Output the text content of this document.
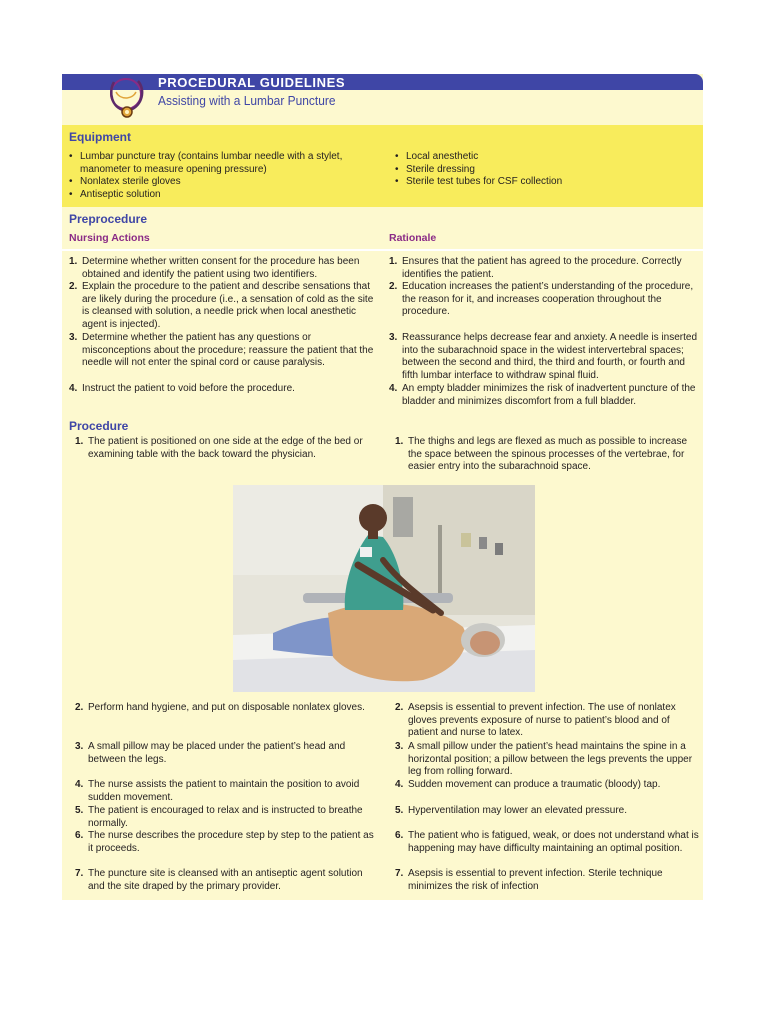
PROCEDURAL GUIDELINES
Assisting with a Lumbar Puncture
Equipment
• Lumbar puncture tray (contains lumbar needle with a stylet, manometer to measure opening pressure)
• Nonlatex sterile gloves
• Antiseptic solution
• Local anesthetic
• Sterile dressing
• Sterile test tubes for CSF collection
Preprocedure
Nursing Actions	Rationale
1. Determine whether written consent for the procedure has been obtained and identify the patient using two identifiers.
2. Explain the procedure to the patient and describe sensations that are likely during the procedure (i.e., a sensation of cold as the site is cleansed with solution, a needle prick when local anesthetic agent is injected).
3. Determine whether the patient has any questions or misconceptions about the procedure; reassure the patient that the needle will not enter the spinal cord or cause paralysis.
4. Instruct the patient to void before the procedure.
1. Ensures that the patient has agreed to the procedure. Correctly identifies the patient.
2. Education increases the patient’s understanding of the procedure, the reason for it, and increases cooperation throughout the procedure.
3. Reassurance helps decrease fear and anxiety. A needle is inserted into the subarachnoid space in the widest intervertebral spaces; between the second and third, the third and fourth, or fourth and fifth lumbar interface to withdraw spinal fluid.
4. An empty bladder minimizes the risk of inadvertent puncture of the bladder and minimizes discomfort from a full bladder.
Procedure
1. The patient is positioned on one side at the edge of the bed or examining table with the back toward the physician.
1. The thighs and legs are flexed as much as possible to increase the space between the spinous processes of the vertebrae, for easier entry into the subarachnoid space.
2. Perform hand hygiene, and put on disposable nonlatex gloves.
3. A small pillow may be placed under the patient’s head and between the legs.
4. The nurse assists the patient to maintain the position to avoid sudden movement.
5. The patient is encouraged to relax and is instructed to breathe normally.
6. The nurse describes the procedure step by step to the patient as it proceeds.
7. The puncture site is cleansed with an antiseptic agent solution and the site draped by the primary provider.
2. Asepsis is essential to prevent infection. The use of nonlatex gloves prevents exposure of nurse to patient’s blood and of patient and nurse to latex.
3. A small pillow under the patient’s head maintains the spine in a horizontal position; a pillow between the legs prevents the upper leg from rolling forward.
4. Sudden movement can produce a traumatic (bloody) tap.
5. Hyperventilation may lower an elevated pressure.
6. The patient who is fatigued, weak, or does not understand what is happening may have difficulty maintaining an optimal position.
7. Asepsis is essential to prevent infection. Sterile technique minimizes the risk of infection
